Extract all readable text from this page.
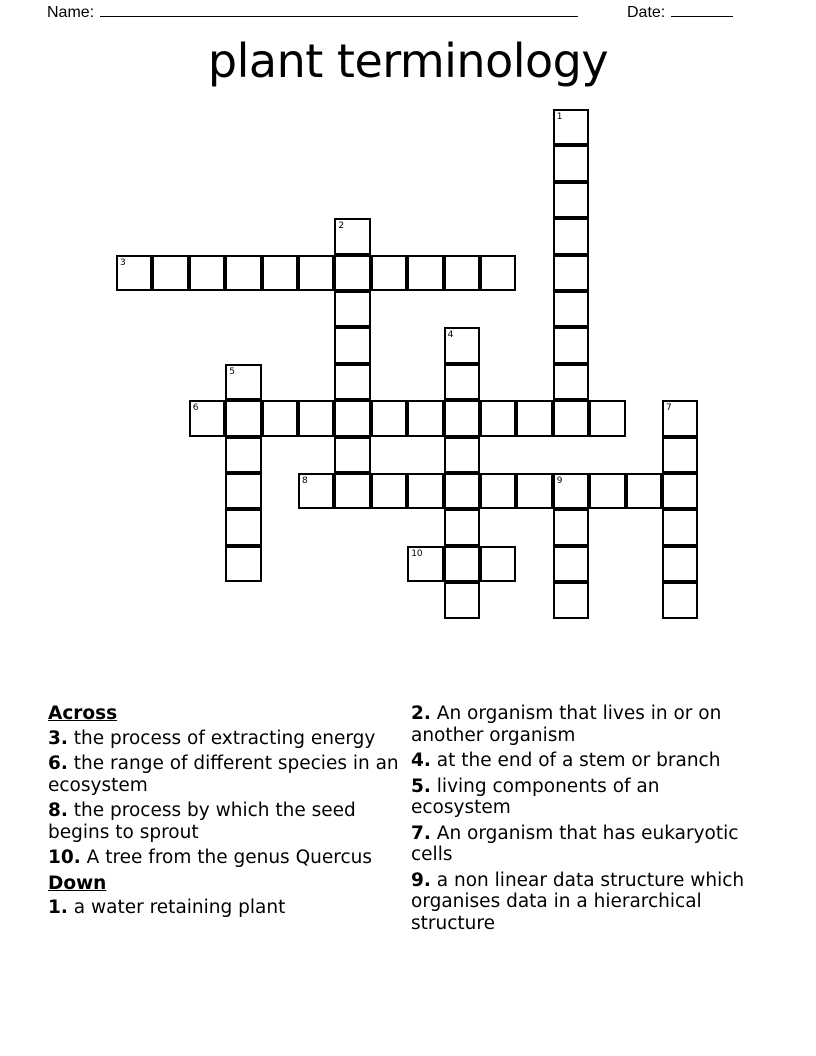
Name:	Date:
plant terminology
1
2
3
4
5
6	7
8	9
10
Across
3. the process of extracting energy
6. the range of different species in an ecosystem
8. the process by which the seed begins to sprout
10. A tree from the genus Quercus
Down
1. a water retaining plant
2. An organism that lives in or on another organism
4. at the end of a stem or branch
5. living components of an ecosystem
7. An organism that has eukaryotic cells
9. a non linear data structure which organises data in a hierarchical structure
